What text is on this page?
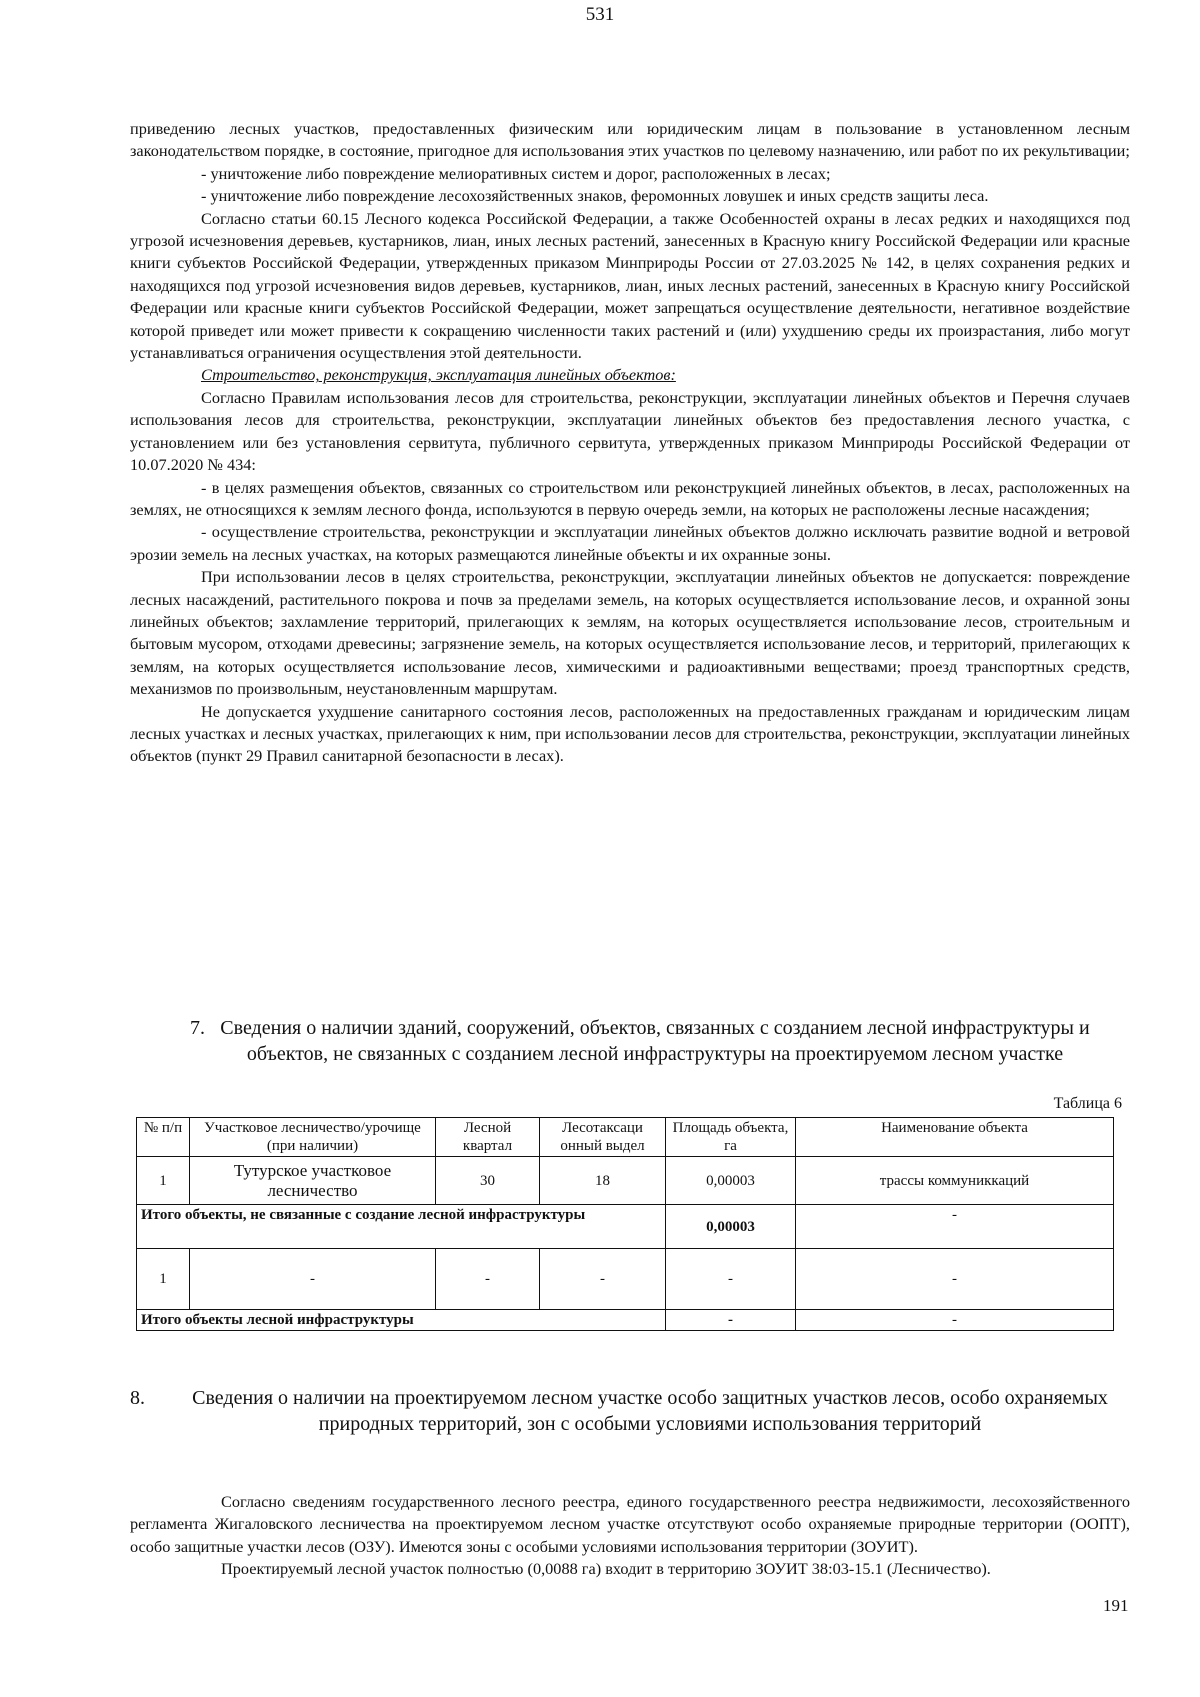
531

приведению лесных участков, предоставленных физическим или юридическим лицам в пользование в установленном лесным законодательством порядке, в состояние, пригодное для использования этих участков по целевому назначению, или работ по их рекультивации;

- уничтожение либо повреждение мелиоративных систем и дорог, расположенных в лесах;

- уничтожение либо повреждение лесохозяйственных знаков, феромонных ловушек и иных средств защиты леса.

Согласно статьи 60.15 Лесного кодекса Российской Федерации, а также Особенностей охраны в лесах редких и находящихся под угрозой исчезновения деревьев, кустарников, лиан, иных лесных растений, занесенных в Красную книгу Российской Федерации или красные книги субъектов Российской Федерации, утвержденных приказом Минприроды России от 27.03.2025 № 142, в целях сохранения редких и находящихся под угрозой исчезновения видов деревьев, кустарников, лиан, иных лесных растений, занесенных в Красную книгу Российской Федерации или красные книги субъектов Российской Федерации, может запрещаться осуществление деятельности, негативное воздействие которой приведет или может привести к сокращению численности таких растений и (или) ухудшению среды их произрастания, либо могут устанавливаться ограничения осуществления этой деятельности.

Строительство, реконструкция, эксплуатация линейных объектов:

Согласно Правилам использования лесов для строительства, реконструкции, эксплуатации линейных объектов и Перечня случаев использования лесов для строительства, реконструкции, эксплуатации линейных объектов без предоставления лесного участка, с установлением или без установления сервитута, публичного сервитута, утвержденных приказом Минприроды Российской Федерации от 10.07.2020 № 434:

- в целях размещения объектов, связанных со строительством или реконструкцией линейных объектов, в лесах, расположенных на землях, не относящихся к землям лесного фонда, используются в первую очередь земли, на которых не расположены лесные насаждения;

- осуществление строительства, реконструкции и эксплуатации линейных объектов должно исключать развитие водной и ветровой эрозии земель на лесных участках, на которых размещаются линейные объекты и их охранные зоны.

При использовании лесов в целях строительства, реконструкции, эксплуатации линейных объектов не допускается: повреждение лесных насаждений, растительного покрова и почв за пределами земель, на которых осуществляется использование лесов, и охранной зоны линейных объектов; захламление территорий, прилегающих к землям, на которых осуществляется использование лесов, строительным и бытовым мусором, отходами древесины; загрязнение земель, на которых осуществляется использование лесов, и территорий, прилегающих к землям, на которых осуществляется использование лесов, химическими и радиоактивными веществами; проезд транспортных средств, механизмов по произвольным, неустановленным маршрутам.

Не допускается ухудшение санитарного состояния лесов, расположенных на предоставленных гражданам и юридическим лицам лесных участках и лесных участках, прилегающих к ним, при использовании лесов для строительства, реконструкции, эксплуатации линейных объектов (пункт 29 Правил санитарной безопасности в лесах).

7. Сведения о наличии зданий, сооружений, объектов, связанных с созданием лесной инфраструктуры и объектов, не связанных с созданием лесной инфраструктуры на проектируемом лесном участке
Таблица 6
№ п/п	Участковое лесничество/урочище (при наличии)	Лесной квартал	Лесотаксаци онный выдел	Площадь объекта, га	Наименование объекта
1	Тутурское участковое лесничество	30	18	0,00003	трассы коммуниккаций
Итого объекты, не связанные с создание лесной инфраструктуры				0,00003	-
1	-	-	-	-	-
Итого объекты лесной инфраструктуры				-	-
8.	Сведения о наличии на проектируемом лесном участке особо защитных участков лесов, особо охраняемых природных территорий, зон с особыми условиями использования территорий

Согласно сведениям государственного лесного реестра, единого государственного реестра недвижимости, лесохозяйственного регламента Жигаловского лесничества на проектируемом лесном участке отсутствуют особо охраняемые природные территории (ООПТ), особо защитные участки лесов (ОЗУ). Имеются зоны с особыми условиями использования территории (ЗОУИТ).

Проектируемый лесной участок полностью (0,0088 га) входит в территорию ЗОУИТ 38:03-15.1 (Лесничество).

191
